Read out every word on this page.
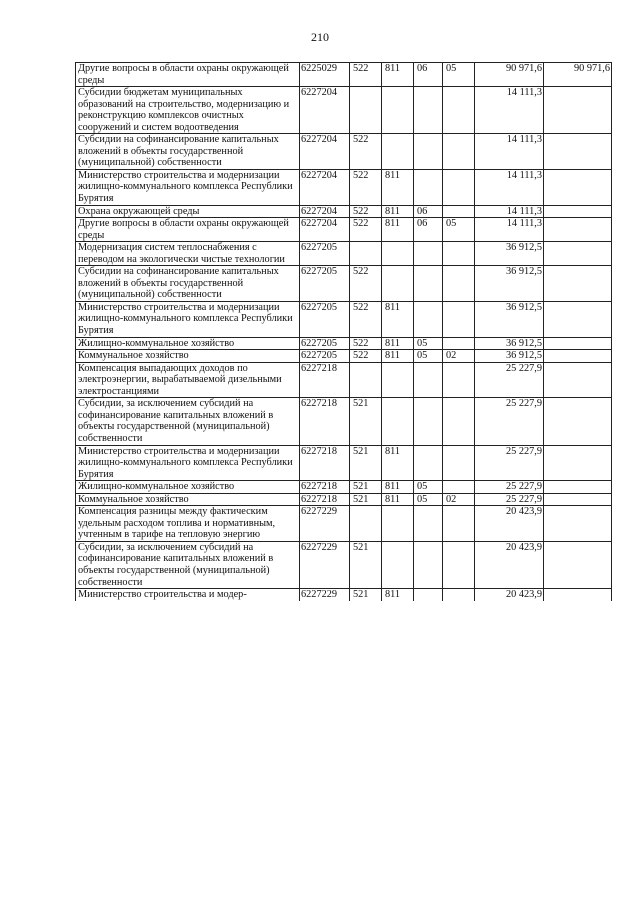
210
Другие вопросы в области охраны окружающей среды	6225029	522	811	06	05	90 971,6	90 971,6
Субсидии бюджетам муниципальных образований на строительство, модернизацию и реконструкцию комплексов очистных сооружений и систем водоотведения	6227204					14 111,3	
Субсидии на софинансирование капитальных вложений в объекты государственной (муниципальной) собственности	6227204	522				14 111,3	
Министерство строительства и модернизации жилищно-коммунального комплекса Республики Бурятия	6227204	522	811			14 111,3	
Охрана окружающей среды	6227204	522	811	06		14 111,3	
Другие вопросы в области охраны окружающей среды	6227204	522	811	06	05	14 111,3	
Модернизация систем теплоснабжения с переводом на экологически чистые технологии	6227205					36 912,5	
Субсидии на софинансирование капитальных вложений в объекты государственной (муниципальной) собственности	6227205	522				36 912,5	
Министерство строительства и модернизации жилищно-коммунального комплекса Республики Бурятия	6227205	522	811			36 912,5	
Жилищно-коммунальное хозяйство	6227205	522	811	05		36 912,5	
Коммунальное хозяйство	6227205	522	811	05	02	36 912,5	
Компенсация выпадающих доходов по электроэнергии, вырабатываемой дизельными электростанциями	6227218					25 227,9	
Субсидии, за исключением субсидий на софинансирование капитальных вложений в объекты государственной (муниципальной) собственности	6227218	521				25 227,9	
Министерство строительства и модернизации жилищно-коммунального комплекса Республики Бурятия	6227218	521	811			25 227,9	
Жилищно-коммунальное хозяйство	6227218	521	811	05		25 227,9	
Коммунальное хозяйство	6227218	521	811	05	02	25 227,9	
Компенсация разницы между фактическим удельным расходом топлива и нормативным, учтенным в тарифе на тепловую энергию	6227229					20 423,9	
Субсидии, за исключением субсидий на софинансирование капитальных вложений в объекты государственной (муниципальной) собственности	6227229	521				20 423,9	
Министерство строительства и модер-	6227229	521	811			20 423,9	
